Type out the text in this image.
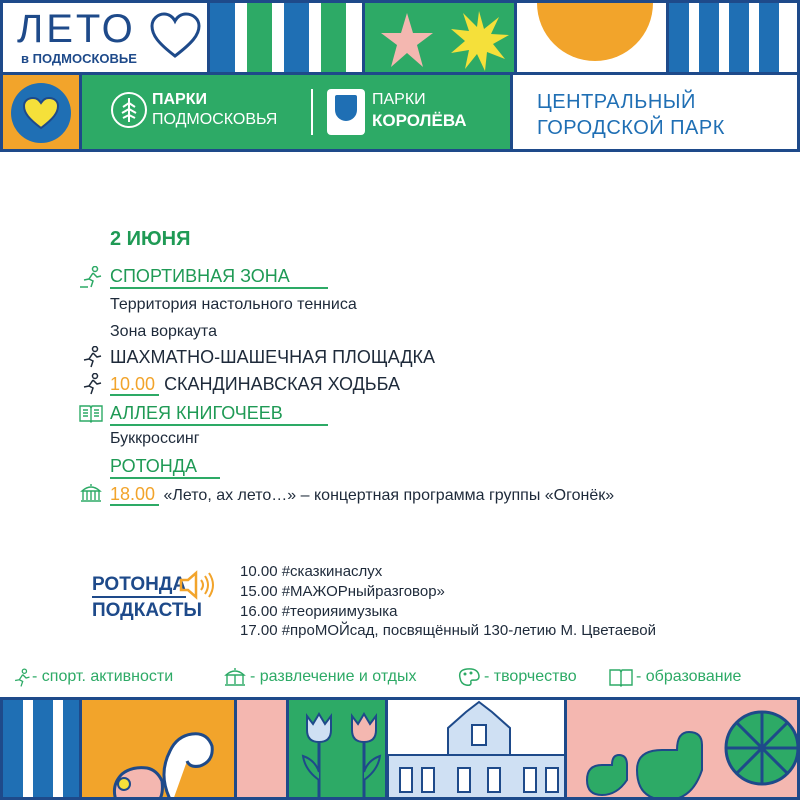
ЛЕТО
в ПОДМОСКОВЬЕ
ПАРКИ
ПОДМОСКОВЬЯ
ПАРКИ
КОРОЛЁВА
ЦЕНТРАЛЬНЫЙ
ГОРОДСКОЙ ПАРК
2 ИЮНЯ
СПОРТИВНАЯ ЗОНА
Территория настольного тенниса
Зона воркаута
ШАХМАТНО-ШАШЕЧНАЯ ПЛОЩАДКА
10.00 СКАНДИНАВСКАЯ ХОДЬБА
АЛЛЕЯ КНИГОЧЕЕВ
Буккроссинг
РОТОНДА
18.00 «Лето, ах лето…» – концертная программа группы «Огонёк»
РОТОНДА
ПОДКАСТЫ
10.00 #сказкинаслух
15.00 #МАЖОРныйразговор»
16.00 #теорияимузыка
17.00 #проМОЙсад, посвящённый 130-летию М. Цветаевой
- спорт. активности	- развлечение и отдых	- творчество	- образование
